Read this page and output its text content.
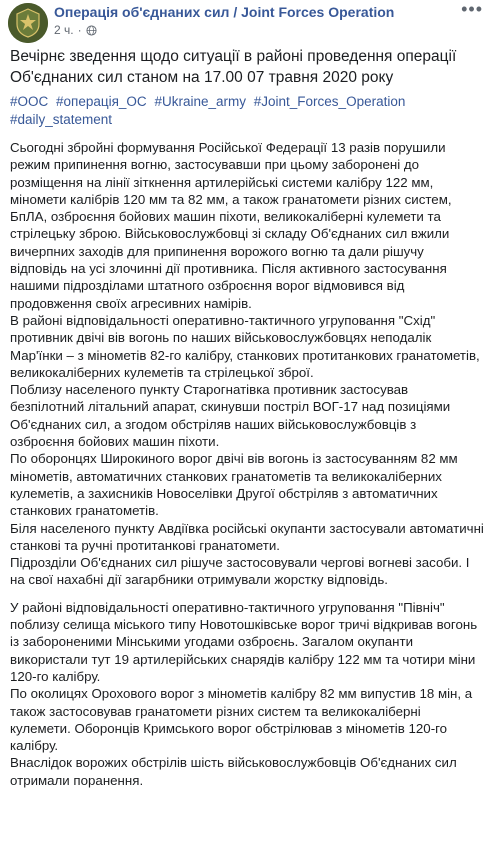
Операція об'єднаних сил / Joint Forces Operation
2 ч. ·
•••
Вечірнє зведення щодо ситуації в районі проведення операції Об'єднаних сил станом на 17.00 07 травня 2020 року
#ООС #операція_ОС #Ukraine_army #Joint_Forces_Operation #daily_statement

Сьогодні збройні формування Російської Федерації 13 разів порушили режим припинення вогню, застосувавши при цьому заборонені до розміщення на лінії зіткнення артилерійські системи калібру 122 мм, міномети калібрів 120 мм та 82 мм, а також гранатомети різних систем, БпЛА, озброєння бойових машин піхоти, великокаліберні кулемети та стрілецьку зброю. Військовослужбовці зі складу Об'єднаних сил вжили вичерпних заходів для припинення ворожого вогню та дали рішучу відповідь на усі злочинні дії противника. Після активного застосування нашими підрозділами штатного озброєння ворог відмовився від продовження своїх агресивних намірів.

В районі відповідальності оперативно-тактичного угруповання "Схід" противник двічі вів вогонь по наших військовослужбовцях неподалік Мар'їнки – з мінометів 82-го калібру, станкових протитанкових гранатометів, великокаліберних кулеметів та стрілецької зброї.

Поблизу населеного пункту Старогнатівка противник застосував безпілотний літальний апарат, скинувши постріл ВОГ-17 над позиціями Об'єднаних сил, а згодом обстріляв наших військовослужбовців з озброєння бойових машин піхоти.

По оборонцях Широкиного ворог двічі вів вогонь із застосуванням 82 мм мінометів, автоматичних станкових гранатометів та великокаліберних кулеметів, а захисників Новоселівки Другої обстріляв з автоматичних станкових гранатометів.

Біля населеного пункту Авдіївка російські окупанти застосували автоматичні станкові та ручні протитанкові гранатомети.

Підрозділи Об'єднаних сил рішуче застосовували чергові вогневі засоби. І на свої нахабні дії загарбники отримували жорстку відповідь.

У районі відповідальності оперативно-тактичного угруповання "Північ" поблизу селища міського типу Новотошківське ворог тричі відкривав вогонь із забороненими Мінськими угодами озброєнь. Загалом окупанти використали тут 19 артилерійських снарядів калібру 122 мм та чотири міни 120-го калібру.

По околицях Орохового ворог з мінометів калібру 82 мм випустив 18 мін, а також застосовував гранатомети різних систем та великокаліберні кулемети. Оборонців Кримського ворог обстрілював з мінометів 120-го калібру.

Внаслідок ворожих обстрілів шість військовослужбовців Об'єднаних сил отримали поранення.
